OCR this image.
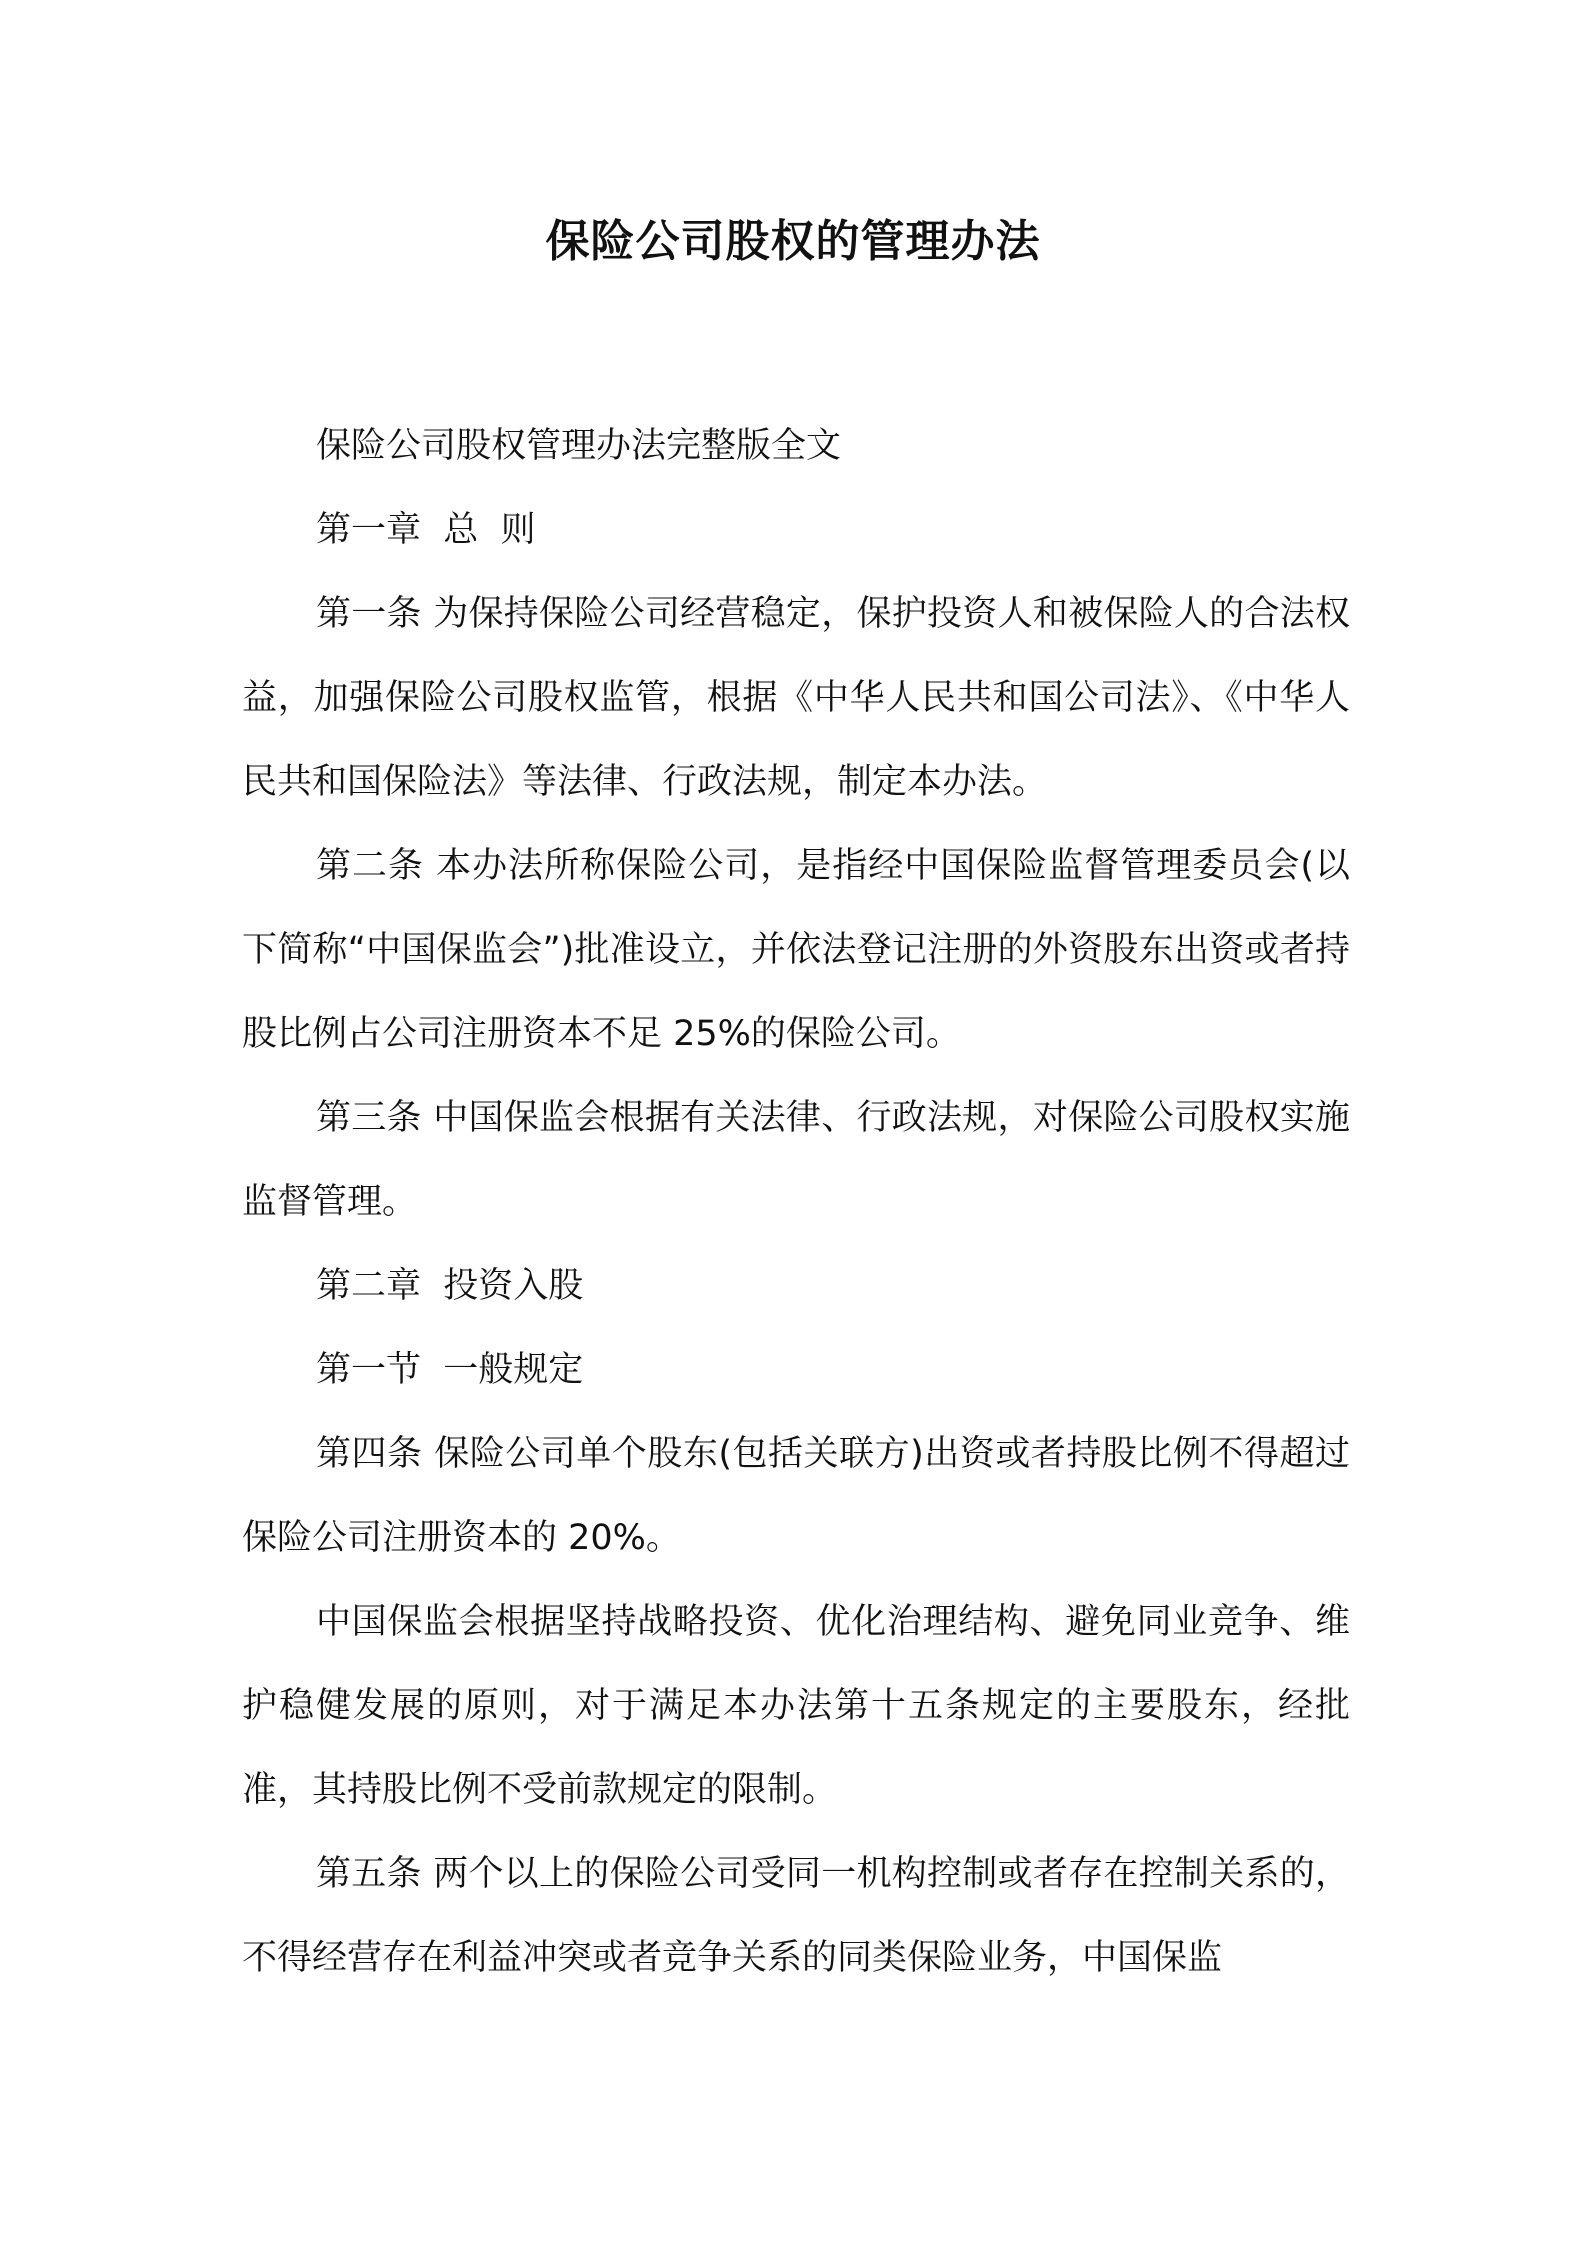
保险公司股权的管理办法

保险公司股权管理办法完整版全文

第一章  总  则

第一条 为保持保险公司经营稳定，保护投资人和被保险人的合法权益，加强保险公司股权监管，根据《中华人民共和国公司法》、《中华人民共和国保险法》等法律、行政法规，制定本办法。

第二条 本办法所称保险公司，是指经中国保险监督管理委员会(以下简称“中国保监会”)批准设立，并依法登记注册的外资股东出资或者持股比例占公司注册资本不足 25%的保险公司。

第三条 中国保监会根据有关法律、行政法规，对保险公司股权实施监督管理。

第二章  投资入股

第一节  一般规定

第四条 保险公司单个股东(包括关联方)出资或者持股比例不得超过保险公司注册资本的 20%。

中国保监会根据坚持战略投资、优化治理结构、避免同业竞争、维护稳健发展的原则，对于满足本办法第十五条规定的主要股东，经批准，其持股比例不受前款规定的限制。

第五条 两个以上的保险公司受同一机构控制或者存在控制关系的，不得经营存在利益冲突或者竞争关系的同类保险业务，中国保监
